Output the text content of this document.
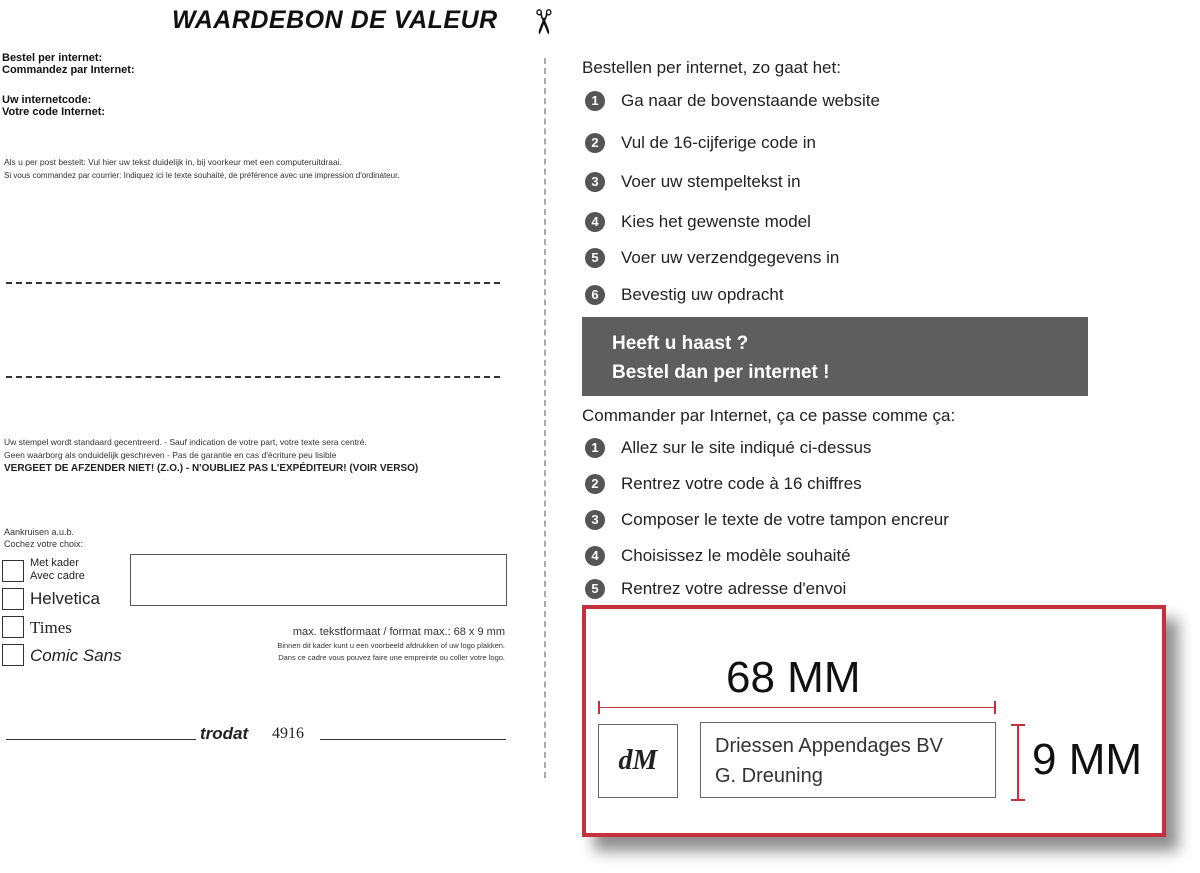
WAARDEBON DE VALEUR ✂
Bestel per internet:
Commandez par Internet:
Uw internetcode:
Votre code Internet:
Als u per post bestelt: Vul hier uw tekst duidelijk in, bij voorkeur met een computeruitdraai.
Si vous commandez par courrier: Indiquez ici le texte souhaité, de préférence avec une impression d'ordinateur.
Uw stempel wordt standaard gecentreerd. - Sauf indication de votre part, votre texte sera centré.
Geen waarborg als onduidelijk geschreven - Pas de garantie en cas d'écriture peu lisible
VERGEET DE AFZENDER NIET! (Z.O.) - N'OUBLIEZ PAS L'EXPÉDITEUR! (VOIR VERSO)
Aankruisen a.u.b.
Cochez votre choix:
Met kader
Avec cadre
Helvetica
Times
Comic Sans
max. tekstformaat / format max.: 68 x 9 mm
Binnen dit kader kunt u een voorbeeld afdrukken of uw logo plakken.
Dans ce cadre vous pouvez faire une empreinte ou coller votre logo.
trodat 4916
Bestellen per internet, zo gaat het:
1	Ga naar de bovenstaande website
2	Vul de 16-cijferige code in
3	Voer uw stempeltekst in
4	Kies het gewenste model
5	Voer uw verzendgegevens in
6	Bevestig uw opdracht
Heeft u haast ?
Bestel dan per internet !
Commander par Internet, ça ce passe comme ça:
1	Allez sur le site indiqué ci-dessus
2	Rentrez votre code à 16 chiffres
3	Composer le texte de votre tampon encreur
4	Choisissez le modèle souhaité
5	Rentrez votre adresse d'envoi
68 MM
dM	Driessen Appendages BV
G. Dreuning	9 MM
